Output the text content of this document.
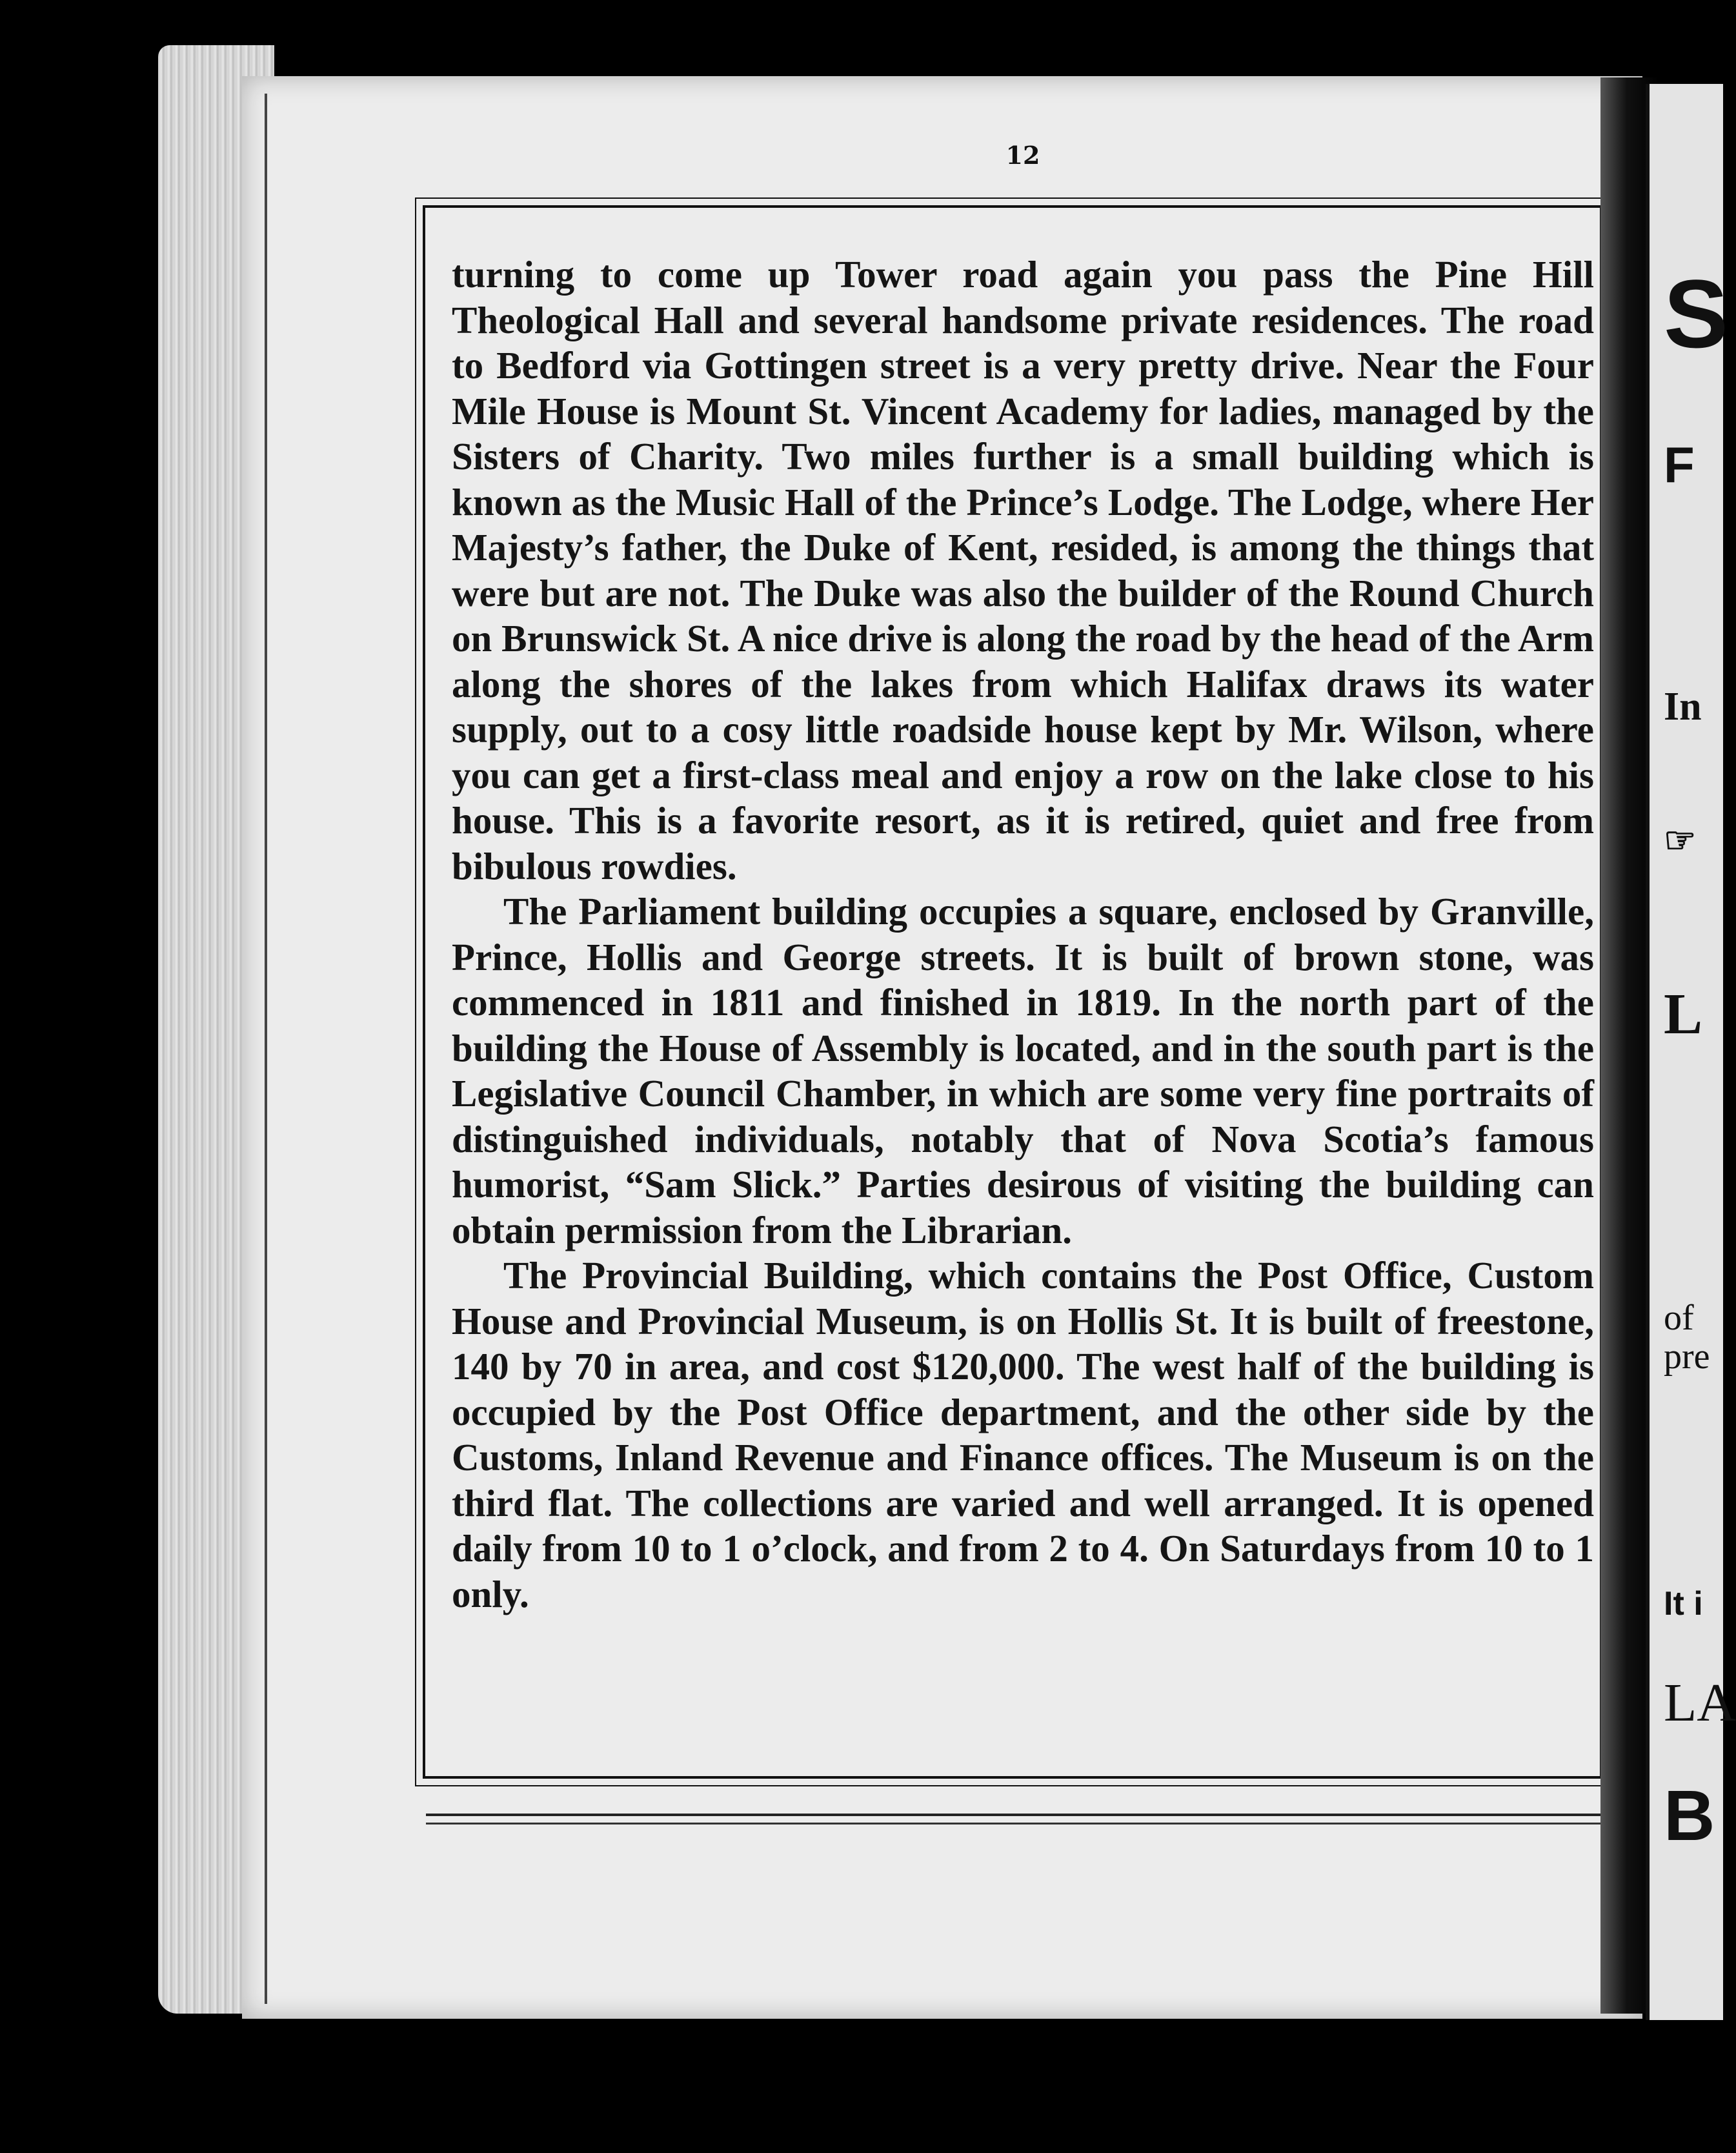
12

turning to come up Tower road again you pass the Pine Hill Theological Hall and several handsome private residences. The road to Bedford via Gottingen street is a very pretty drive. Near the Four Mile House is Mount St. Vincent Academy for ladies, managed by the Sisters of Charity. Two miles further is a small building which is known as the Music Hall of the Prince’s Lodge. The Lodge, where Her Majesty’s father, the Duke of Kent, resided, is among the things that were but are not. The Duke was also the builder of the Round Church on Brunswick St. A nice drive is along the road by the head of the Arm along the shores of the lakes from which Halifax draws its water supply, out to a cosy little roadside house kept by Mr. Wilson, where you can get a first-class meal and enjoy a row on the lake close to his house. This is a favorite resort, as it is retired, quiet and free from bibulous rowdies.

The Parliament building occupies a square, enclosed by Granville, Prince, Hollis and George streets. It is built of brown stone, was commenced in 1811 and finished in 1819. In the north part of the building the House of Assembly is located, and in the south part is the Legislative Council Chamber, in which are some very fine portraits of distinguished individuals, notably that of Nova Scotia’s famous humorist, “Sam Slick.” Parties desirous of visiting the building can obtain permission from the Librarian.

The Provincial Building, which contains the Post Office, Custom House and Provincial Museum, is on Hollis St. It is built of freestone, 140 by 70 in area, and cost $120,000. The west half of the building is occupied by the Post Office department, and the other side by the Customs, Inland Revenue and Finance offices. The Museum is on the third flat. The collections are varied and well arranged. It is opened daily from 10 to 1 o’clock, and from 2 to 4. On Saturdays from 10 to 1 only.

S
F
In
☞
L
of
pre
It i
LA
B
